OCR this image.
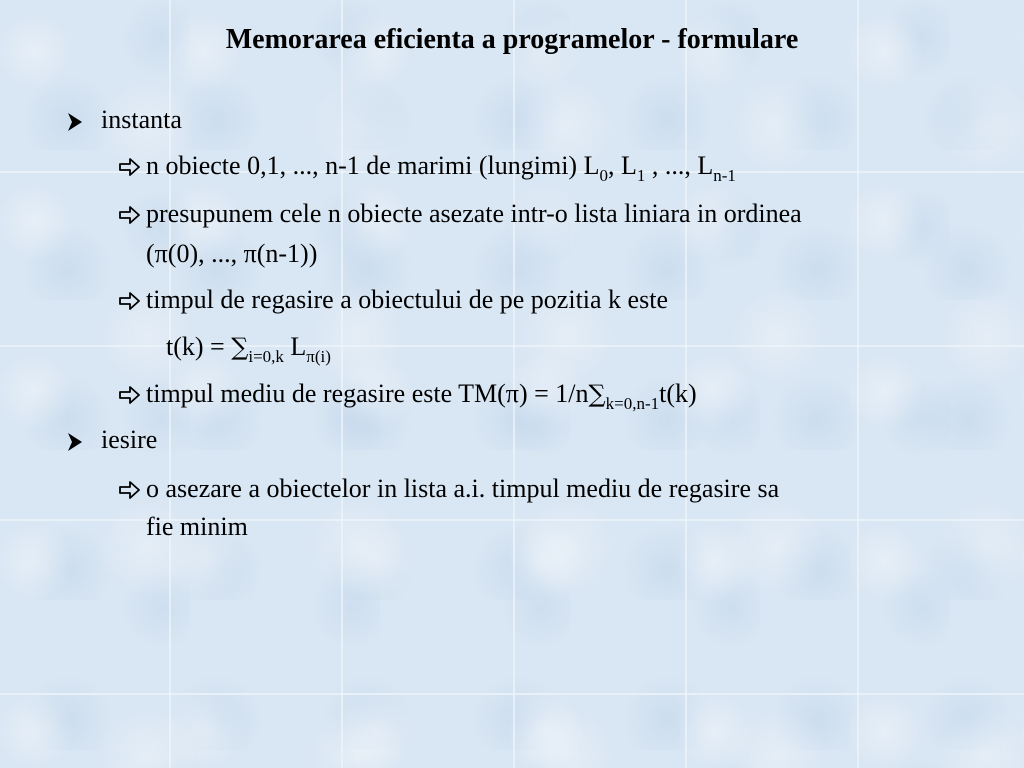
Memorarea eficienta a programelor - formulare
instanta
n obiecte 0,1, ..., n-1 de marimi (lungimi) $L_0$, $L_1$ , ..., $L_{n-1}$
presupunem cele n obiecte asezate intr-o lista liniara in ordinea
(π(0), ..., π(n-1))
timpul de regasire a obiectului de pe pozitia k este
$t(k) = \sum_{i=0,k}$ $L_{\pi(i)}$
timpul mediu de regasire este $TM(\pi) = 1/n\sum_{k=0,n-1}t(k)$
iesire
o asezare a obiectelor in lista a.i. timpul mediu de regasire sa
fie minim
